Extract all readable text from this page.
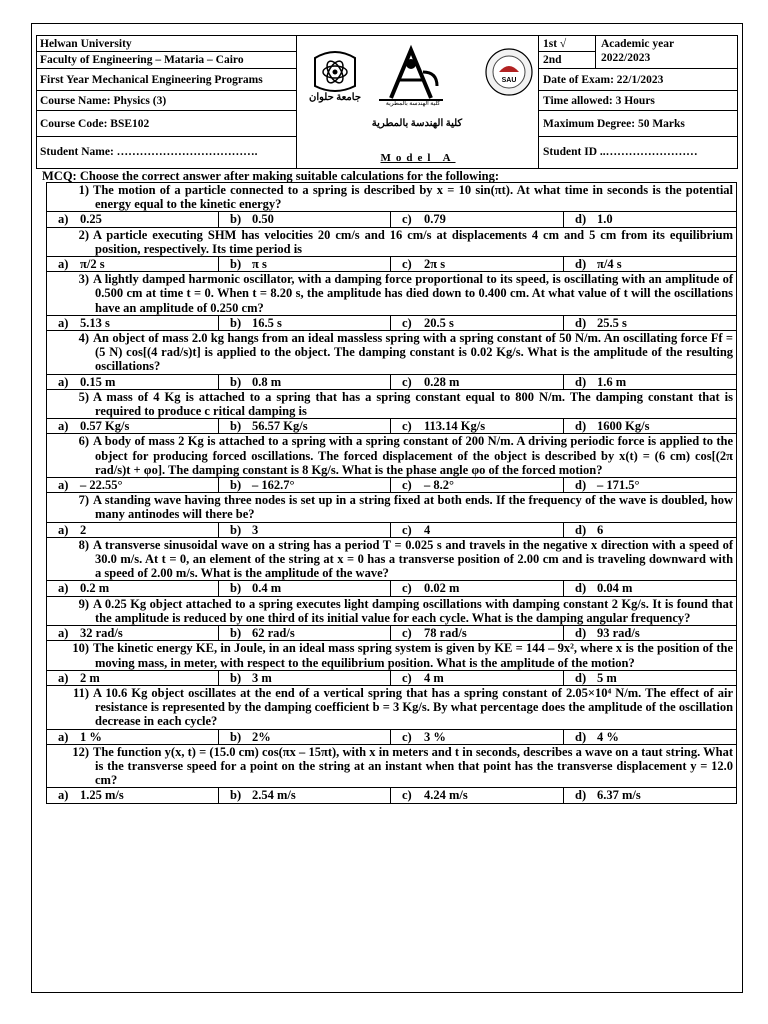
Helwan University
Faculty of Engineering – Mataria – Cairo
First Year Mechanical Engineering Programs
Course Name: Physics (3)
Course Code: BSE102
Student Name: ……………………………….
جامعة حلوان
كلية الهندسة بالمطرية
SAU
كلية الهندسة بالمطرية
Model A
1st √
2nd
Academic year
2022/2023
Date of Exam: 22/1/2023
Time allowed: 3 Hours
Maximum Degree: 50 Marks
Student ID ..……………………
MCQ: Choose the correct answer after making suitable calculations for the following:
1) The motion of a particle connected to a spring is described by x = 10 sin(πt). At what time in seconds is the potential energy equal to the kinetic energy?			
a) 0.25	b) 0.50	c) 0.79	d) 1.0
2) A particle executing SHM has velocities 20 cm/s and 16 cm/s at displacements 4 cm and 5 cm from its equilibrium position, respectively. Its time period is			
a) π/2 s	b) π s	c) 2π s	d) π/4 s
3) A lightly damped harmonic oscillator, with a damping force proportional to its speed, is oscillating with an amplitude of 0.500 cm at time t = 0. When t = 8.20 s, the amplitude has died down to 0.400 cm. At what value of t will the oscillations have an amplitude of 0.250 cm?			
a) 5.13 s	b) 16.5 s	c) 20.5 s	d) 25.5 s
4) An object of mass 2.0 kg hangs from an ideal massless spring with a spring constant of 50 N/m. An oscillating force Ff = (5 N) cos[(4 rad/s)t] is applied to the object. The damping constant is 0.02 Kg/s. What is the amplitude of the resulting oscillations?			
a) 0.15 m	b) 0.8 m	c) 0.28 m	d) 1.6 m
5) A mass of 4 Kg is attached to a spring that has a spring constant equal to 800 N/m. The damping constant that is required to produce c ritical damping is			
a) 0.57 Kg/s	b) 56.57 Kg/s	c) 113.14 Kg/s	d) 1600 Kg/s
6) A body of mass 2 Kg is attached to a spring with a spring constant of 200 N/m. A driving periodic force is applied to the object for producing forced oscillations. The forced displacement of the object is described by x(t) = (6 cm) cos[(2π rad/s)t + φo]. The damping constant is 8 Kg/s. What is the phase angle φo of the forced motion?			
a) – 22.55°	b) – 162.7°	c) – 8.2°	d) – 171.5°
7) A standing wave having three nodes is set up in a string fixed at both ends. If the frequency of the wave is doubled, how many antinodes will there be?			
a) 2	b) 3	c) 4	d) 6
8) A transverse sinusoidal wave on a string has a period T = 0.025 s and travels in the negative x direction with a speed of 30.0 m/s. At t = 0, an element of the string at x = 0 has a transverse position of 2.00 cm and is traveling downward with a speed of 2.00 m/s. What is the amplitude of the wave?			
a) 0.2 m	b) 0.4 m	c) 0.02 m	d) 0.04 m
9) A 0.25 Kg object attached to a spring executes light damping oscillations with damping constant 2 Kg/s. It is found that the amplitude is reduced by one third of its initial value for each cycle. What is the damping angular frequency?			
a) 32 rad/s	b) 62 rad/s	c) 78 rad/s	d) 93 rad/s
10) The kinetic energy KE, in Joule, in an ideal mass spring system is given by KE = 144 – 9x², where x is the position of the moving mass, in meter, with respect to the equilibrium position. What is the amplitude of the motion?			
a) 2 m	b) 3 m	c) 4 m	d) 5 m
11) A 10.6 Kg object oscillates at the end of a vertical spring that has a spring constant of 2.05×10⁴ N/m. The effect of air resistance is represented by the damping coefficient b = 3 Kg/s. By what percentage does the amplitude of the oscillation decrease in each cycle?			
a) 1 %	b) 2%	c) 3 %	d) 4 %
12) The function y(x, t) = (15.0 cm) cos(πx – 15πt), with x in meters and t in seconds, describes a wave on a taut string. What is the transverse speed for a point on the string at an instant when that point has the transverse displacement y = 12.0 cm?			
a) 1.25 m/s	b) 2.54 m/s	c) 4.24 m/s	d) 6.37 m/s
